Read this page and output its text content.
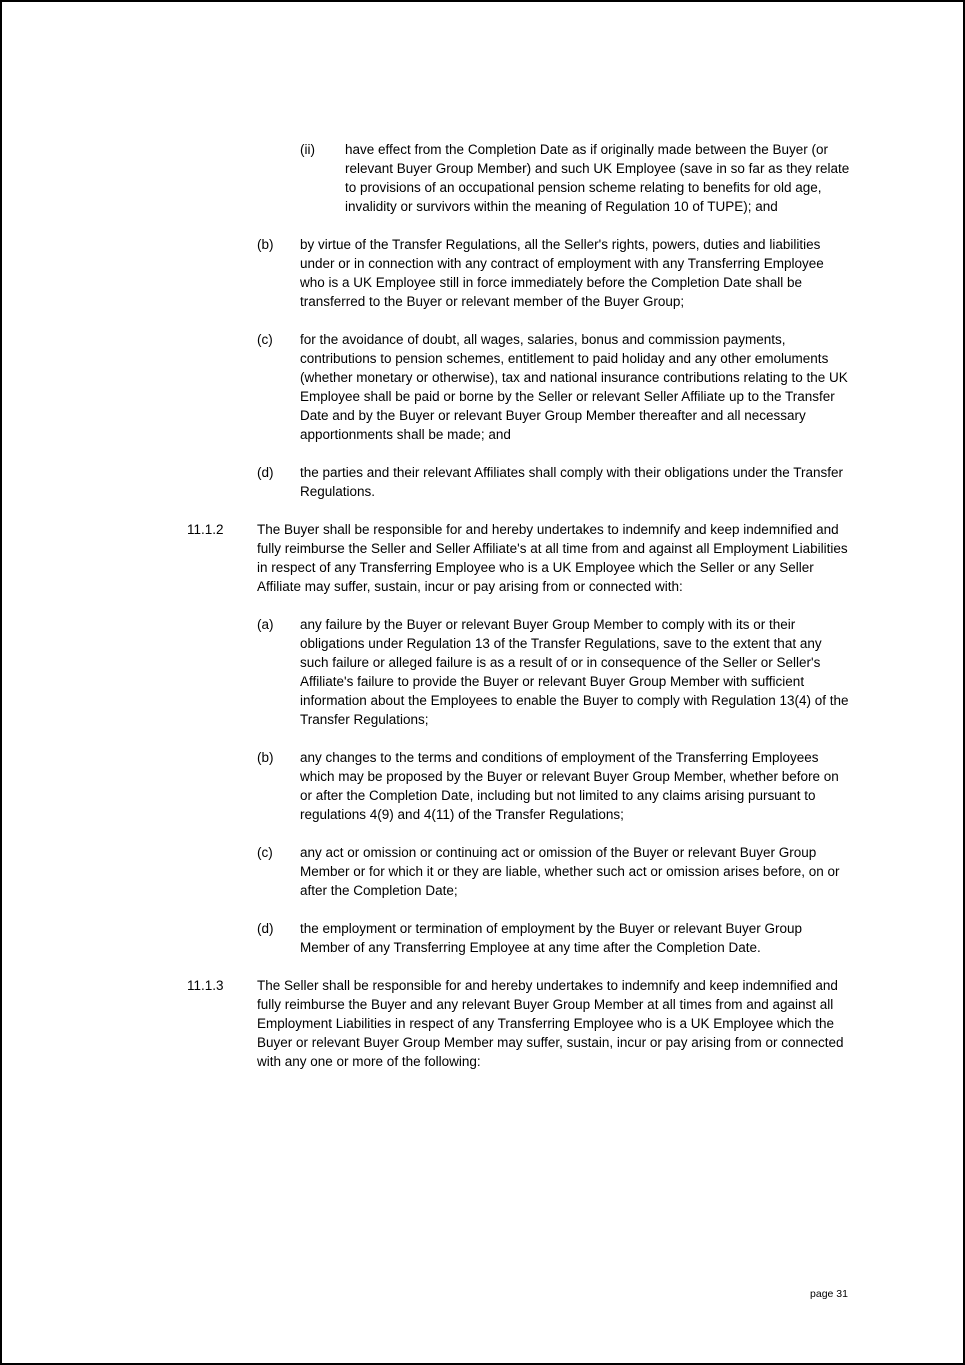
(ii)	have effect from the Completion Date as if originally made between the Buyer (or relevant Buyer Group Member) and such UK Employee (save in so far as they relate to provisions of an occupational pension scheme relating to benefits for old age, invalidity or survivors within the meaning of Regulation 10 of TUPE); and
(b)	by virtue of the Transfer Regulations, all the Seller's rights, powers, duties and liabilities under or in connection with any contract of employment with any Transferring Employee who is a UK Employee still in force immediately before the Completion Date shall be transferred to the Buyer or relevant member of the Buyer Group;
(c)	for the avoidance of doubt, all wages, salaries, bonus and commission payments, contributions to pension schemes, entitlement to paid holiday and any other emoluments (whether monetary or otherwise), tax and national insurance contributions relating to the UK Employee shall be paid or borne by the Seller or relevant Seller Affiliate up to the Transfer Date and by the Buyer or relevant Buyer Group Member thereafter and all necessary apportionments shall be made; and
(d)	the parties and their relevant Affiliates shall comply with their obligations under the Transfer Regulations.
11.1.2	The Buyer shall be responsible for and hereby undertakes to indemnify and keep indemnified and fully reimburse the Seller and Seller Affiliate's at all time from and against all Employment Liabilities in respect of any Transferring Employee who is a UK Employee which the Seller or any Seller Affiliate may suffer, sustain, incur or pay arising from or connected with:
(a)	any failure by the Buyer or relevant Buyer Group Member to comply with its or their obligations under Regulation 13 of the Transfer Regulations, save to the extent that any such failure or alleged failure is as a result of or in consequence of the Seller or Seller's Affiliate's failure to provide the Buyer or relevant Buyer Group Member with sufficient information about the Employees to enable the Buyer to comply with Regulation 13(4) of the Transfer Regulations;
(b)	any changes to the terms and conditions of employment of the Transferring Employees which may be proposed by the Buyer or relevant Buyer Group Member, whether before on or after the Completion Date, including but not limited to any claims arising pursuant to regulations 4(9) and 4(11) of the Transfer Regulations;
(c)	any act or omission or continuing act or omission of the Buyer or relevant Buyer Group Member or for which it or they are liable, whether such act or omission arises before, on or after the Completion Date;
(d)	the employment or termination of employment by the Buyer or relevant Buyer Group Member of any Transferring Employee at any time after the Completion Date.
11.1.3	The Seller shall be responsible for and hereby undertakes to indemnify and keep indemnified and fully reimburse the Buyer and any relevant Buyer Group Member at all times from and against all Employment Liabilities in respect of any Transferring Employee who is a UK Employee which the Buyer or relevant Buyer Group Member may suffer, sustain, incur or pay arising from or connected with any one or more of the following:
page 31
